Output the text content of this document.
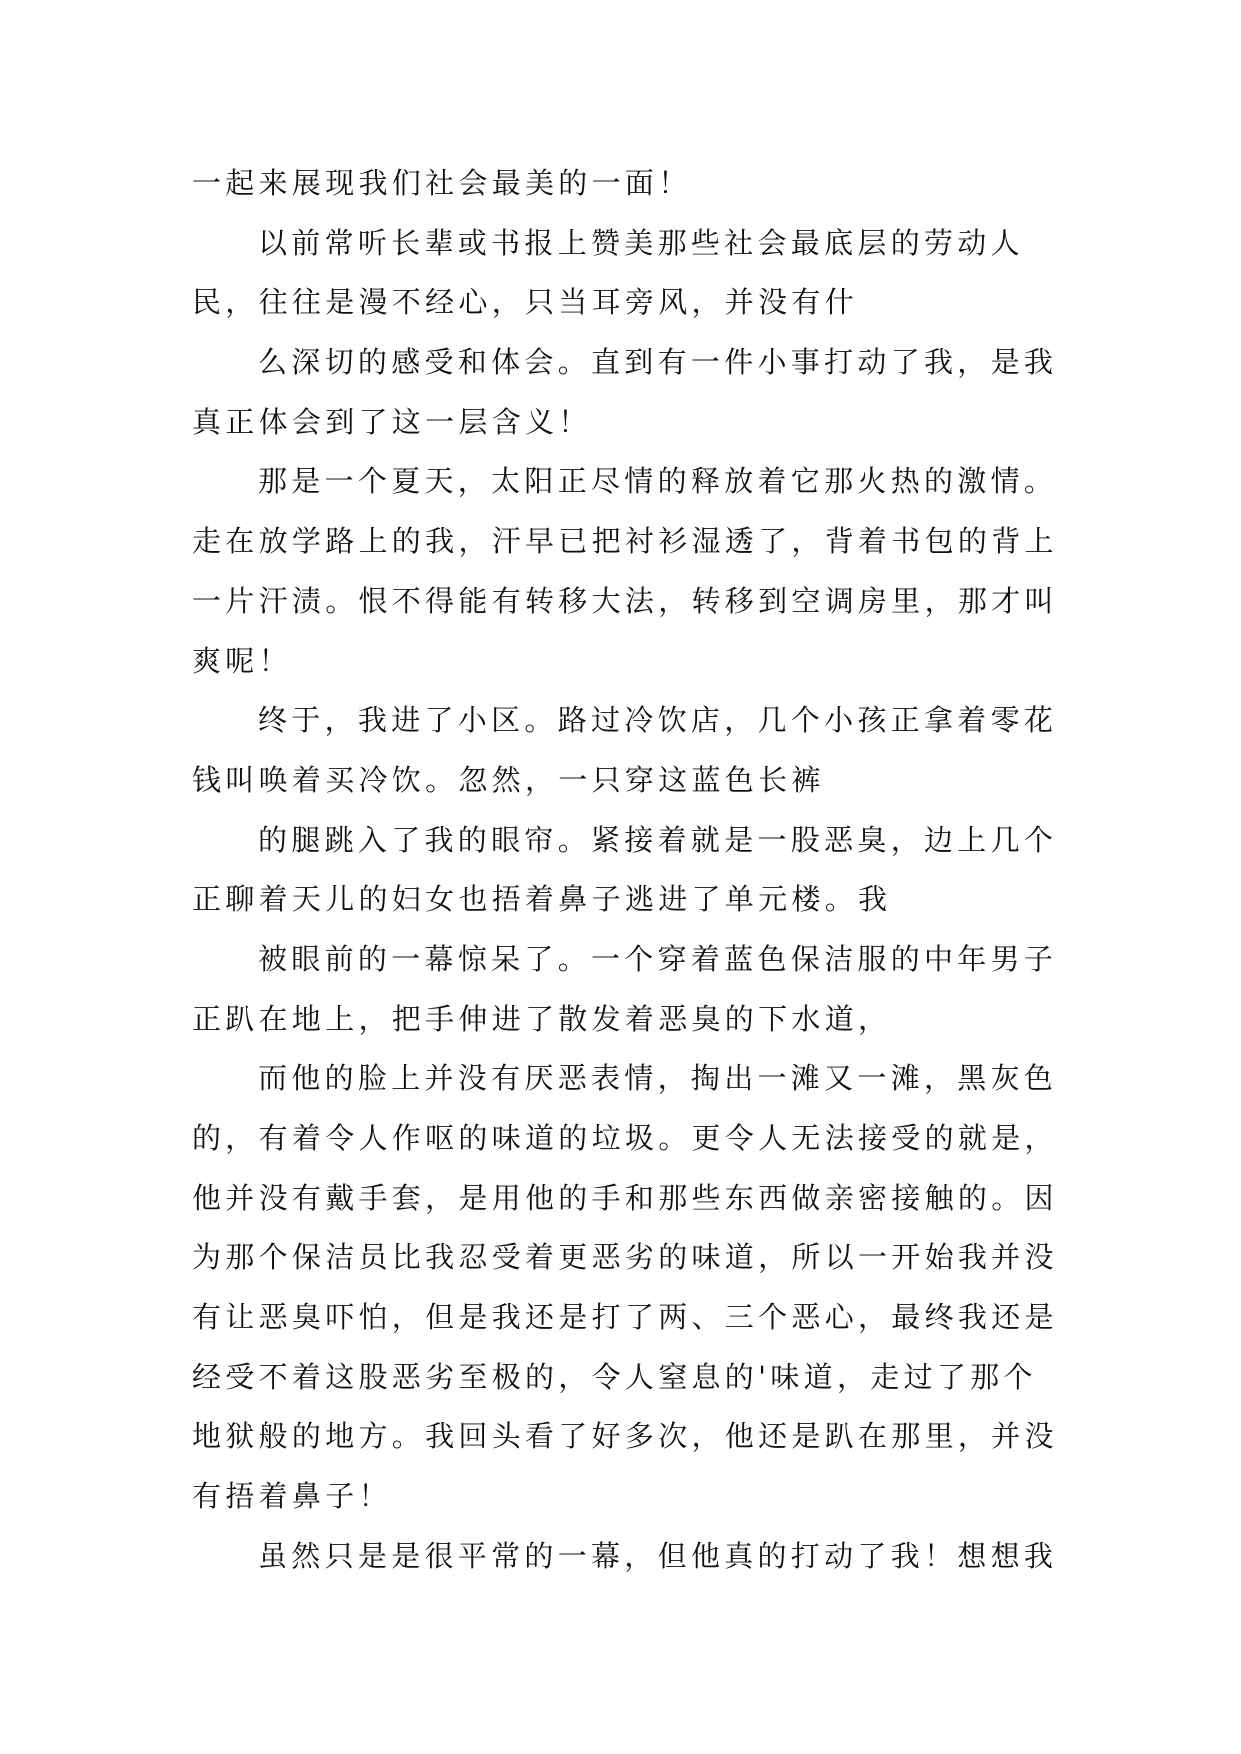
一起来展现我们社会最美的一面！
以前常听长辈或书报上赞美那些社会最底层的劳动人
民，往往是漫不经心，只当耳旁风，并没有什
么深切的感受和体会。直到有一件小事打动了我，是我
真正体会到了这一层含义！
那是一个夏天，太阳正尽情的释放着它那火热的激情。
走在放学路上的我，汗早已把衬衫湿透了，背着书包的背上
一片汗渍。恨不得能有转移大法，转移到空调房里，那才叫
爽呢！
终于，我进了小区。路过冷饮店，几个小孩正拿着零花
钱叫唤着买冷饮。忽然，一只穿这蓝色长裤
的腿跳入了我的眼帘。紧接着就是一股恶臭，边上几个
正聊着天儿的妇女也捂着鼻子逃进了单元楼。我
被眼前的一幕惊呆了。一个穿着蓝色保洁服的中年男子
正趴在地上，把手伸进了散发着恶臭的下水道，
而他的脸上并没有厌恶表情，掏出一滩又一滩，黑灰色
的，有着令人作呕的味道的垃圾。更令人无法接受的就是，
他并没有戴手套，是用他的手和那些东西做亲密接触的。因
为那个保洁员比我忍受着更恶劣的味道，所以一开始我并没
有让恶臭吓怕，但是我还是打了两、三个恶心，最终我还是
经受不着这股恶劣至极的，令人窒息的'味道，走过了那个
地狱般的地方。我回头看了好多次，他还是趴在那里，并没
有捂着鼻子！
虽然只是是很平常的一幕，但他真的打动了我！想想我
